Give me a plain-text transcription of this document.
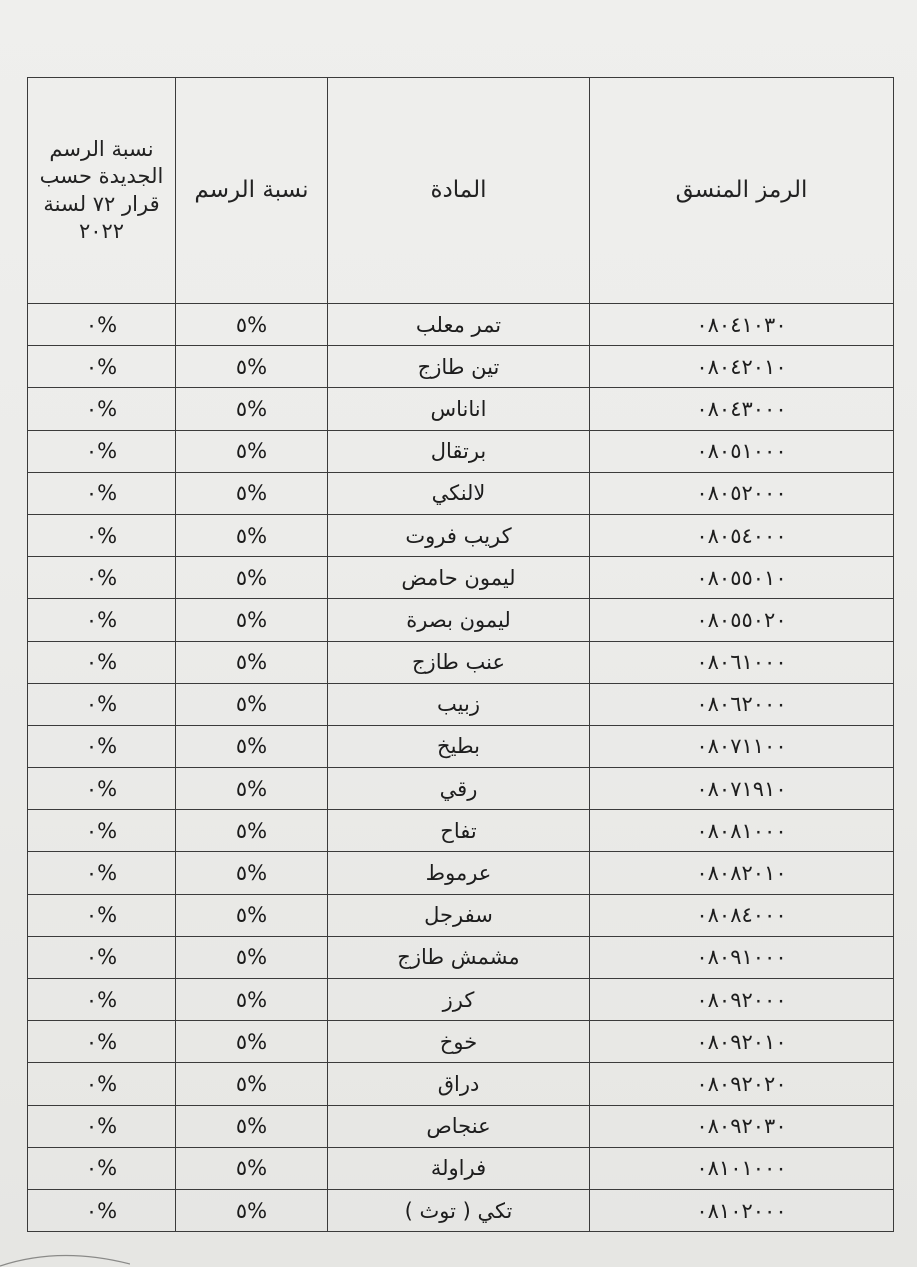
الرمز المنسق	المادة	نسبة الرسم	نسبة الرسم الجديدة حسب قرار ٧٢ لسنة ٢٠٢٢
٠٨٠٤١٠٣٠	تمر معلب	%٥	%٠
٠٨٠٤٢٠١٠	تين طازج	%٥	%٠
٠٨٠٤٣٠٠٠	اناناس	%٥	%٠
٠٨٠٥١٠٠٠	برتقال	%٥	%٠
٠٨٠٥٢٠٠٠	لالنكي	%٥	%٠
٠٨٠٥٤٠٠٠	كريب فروت	%٥	%٠
٠٨٠٥٥٠١٠	ليمون حامض	%٥	%٠
٠٨٠٥٥٠٢٠	ليمون بصرة	%٥	%٠
٠٨٠٦١٠٠٠	عنب طازج	%٥	%٠
٠٨٠٦٢٠٠٠	زبيب	%٥	%٠
٠٨٠٧١١٠٠	بطيخ	%٥	%٠
٠٨٠٧١٩١٠	رقي	%٥	%٠
٠٨٠٨١٠٠٠	تفاح	%٥	%٠
٠٨٠٨٢٠١٠	عرموط	%٥	%٠
٠٨٠٨٤٠٠٠	سفرجل	%٥	%٠
٠٨٠٩١٠٠٠	مشمش طازج	%٥	%٠
٠٨٠٩٢٠٠٠	كرز	%٥	%٠
٠٨٠٩٢٠١٠	خوخ	%٥	%٠
٠٨٠٩٢٠٢٠	دراق	%٥	%٠
٠٨٠٩٢٠٣٠	عنجاص	%٥	%٠
٠٨١٠١٠٠٠	فراولة	%٥	%٠
٠٨١٠٢٠٠٠	تكي ( توث )	%٥	%٠
